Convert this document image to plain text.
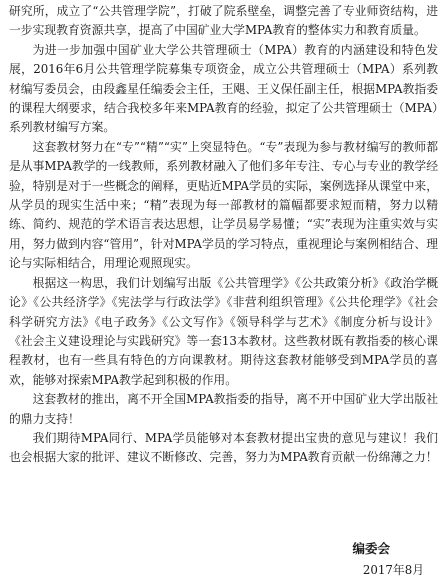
研究所，成立了“公共管理学院”，打破了院系壁垒，调整完善了专业师资结构，进一步实现教育资源共享，提高了中国矿业大学MPA教育的整体实力和教育质量。

为进一步加强中国矿业大学公共管理硕士（MPA）教育的内涵建设和特色发展，2016年6月公共管理学院募集专项资金，成立公共管理硕士（MPA）系列教材编写委员会，由段鑫星任编委会主任，王飓、王义保任副主任，根据MPA教指委的课程大纲要求，结合我校多年来MPA教育的经验，拟定了公共管理硕士（MPA）系列教材编写方案。

这套教材努力在“专”“精”“实”上突显特色。“专”表现为参与教材编写的教师都是从事MPA教学的一线教师，系列教材融入了他们多年专注、专心与专业的教学经验，特别是对于一些概念的阐释，更贴近MPA学员的实际，案例选择从课堂中来，从学员的现实生活中来；“精”表现为每一部教材的篇幅都要求短而精，努力以精练、简约、规范的学术语言表达思想，让学员易学易懂；“实”表现为注重实效与实用，努力做到内容“管用”，针对MPA学员的学习特点，重视理论与案例相结合、理论与实际相结合，用理论观照现实。

根据这一构思，我们计划编写出版《公共管理学》《公共政策分析》《政治学概论》《公共经济学》《宪法学与行政法学》《非营利组织管理》《公共伦理学》《社会科学研究方法》《电子政务》《公文写作》《领导科学与艺术》《制度分析与设计》《社会主义建设理论与实践研究》等一套13本教材。这些教材既有教指委的核心课程教材，也有一些具有特色的方向课教材。期待这套教材能够受到MPA学员的喜欢，能够对探索MPA教学起到积极的作用。

这套教材的推出，离不开全国MPA教指委的指导，离不开中国矿业大学出版社的鼎力支持！

我们期待MPA同行、MPA学员能够对本套教材提出宝贵的意见与建议！我们也会根据大家的批评、建议不断修改、完善，努力为MPA教育贡献一份绵薄之力！

编委会
2017年8月
